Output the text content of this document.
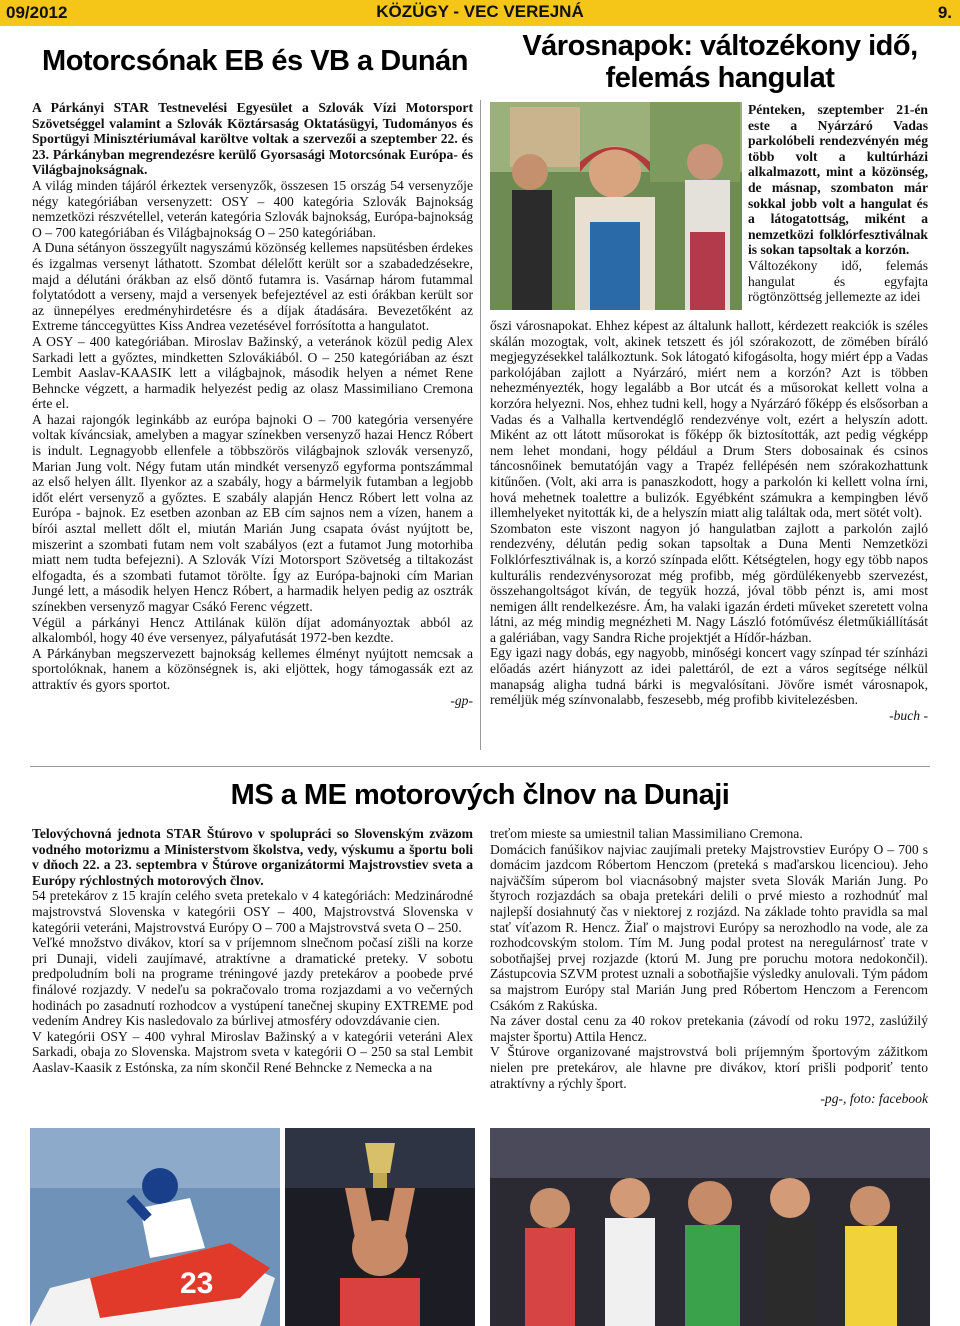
09/2012	KÖZÜGY - VEC VEREJNÁ	9.
Motorcsónak EB és VB a Dunán	Városnapok: változékony idő,
felemás hangulat

A Párkányi STAR Testnevelési Egyesület a Szlovák Vízi Motorsport Szövetséggel valamint a Szlovák Köztársaság Oktatásügyi, Tudományos és Sportügyi Minisztériumával karöltve voltak a szervezői a szeptember 22. és 23. Párkányban megrendezésre kerülő Gyorsasági Motorcsónak Európa- és Világbajnokságnak.

A világ minden tájáról érkeztek versenyzők, összesen 15 ország 54 versenyzője négy kategóriában versenyzett: OSY – 400 kategória Szlovák Bajnokság nemzetközi részvétellel, veterán kategória Szlovák bajnokság, Európa-bajnokság O – 700 kategóriában és Világbajnokság O – 250 kategóriában.

A Duna sétányon összegyűlt nagyszámú közönség kellemes napsütésben érdekes és izgalmas versenyt láthatott. Szombat délelőtt került sor a szabadedzésekre, majd a délutáni órákban az első döntő futamra is. Vasárnap három futammal folytatódott a verseny, majd a versenyek befejeztével az esti órákban került sor az ünnepélyes eredményhirdetésre és a díjak átadására. Bevezetőként az Extreme tánccegyüttes Kiss Andrea vezetésével forrósította a hangulatot.

A OSY – 400 kategóriában. Miroslav Bažinský, a veteránok közül pedig Alex Sarkadi lett a győztes, mindketten Szlovákiából. O – 250 kategóriában az észt Lembit Aaslav-KAASIK lett a világbajnok, második helyen a német Rene Behncke végzett, a harmadik helyezést pedig az olasz Massimiliano Cremona érte el.

A hazai rajongók leginkább az európa bajnoki O – 700 kategória versenyére voltak kíváncsiak, amelyben a magyar színekben versenyző hazai Hencz Róbert is indult. Legnagyobb ellenfele a többszörös világbajnok szlovák versenyző, Marian Jung volt. Négy futam után mindkét versenyző egyforma pontszámmal az első helyen állt. Ilyenkor az a szabály, hogy a bármelyik futamban a legjobb időt elért versenyző a győztes. E szabály alapján Hencz Róbert lett volna az Európa - bajnok. Ez esetben azonban az EB cím sajnos nem a vízen, hanem a bírói asztal mellett dőlt el, miután Marián Jung csapata óvást nyújtott be, miszerint a szombati futam nem volt szabályos (ezt a futamot Jung motorhiba miatt nem tudta befejezni). A Szlovák Vízi Motorsport Szövetség a tiltakozást elfogadta, és a szombati futamot törölte. Így az Európa-bajnoki cím Marian Jungé lett, a második helyen Hencz Róbert, a harmadik helyen pedig az osztrák színekben versenyző magyar Csákó Ferenc végzett.

Végül a párkányi Hencz Attilának külön díjat adományoztak abból az alkalomból, hogy 40 éve versenyez, pályafutását 1972-ben kezdte.

A Párkányban megszervezett bajnokság kellemes élményt nyújtott nemcsak a sportolóknak, hanem a közönségnek is, aki eljöttek, hogy támogassák ezt az attraktív és gyors sportot.

-gp-

Pénteken, szeptember 21-én este a Nyárzáró Vadas parkolóbeli rendezvényén még több volt a kultúrházi alkalmazott, mint a közönség, de másnap, szombaton már sokkal jobb volt a hangulat és a látogatottság, miként a nemzetközi folklórfesztiválnak is sokan tapsoltak a korzón.

Változékony idő, felemás hangulat és egyfajta rögtönzöttség jellemezte az idei

őszi városnapokat. Ehhez képest az általunk hallott, kérdezett reakciók is széles skálán mozogtak, volt, akinek tetszett és jól szórakozott, de zömében bíráló megjegyzésekkel találkoztunk. Sok látogató kifogásolta, hogy miért épp a Vadas parkolójában zajlott a Nyárzáró, miért nem a korzón? Azt is többen nehezményezték, hogy legalább a Bor utcát és a műsorokat kellett volna a korzóra helyezni. Nos, ehhez tudni kell, hogy a Nyárzáró főképp és elsősorban a Vadas és a Valhalla kertvendéglő rendezvénye volt, ezért a helyszín adott. Miként az ott látott műsorokat is főképp ők biztosították, azt pedig végképp nem lehet mondani, hogy például a Drum Sters dobosainak és csinos táncosnőinek bemutatóján vagy a Trapéz fellépésén nem szórakozhattunk kitűnően. (Volt, aki arra is panaszkodott, hogy a parkolón ki kellett volna írni, hová mehetnek toalettre a bulizók. Egyébként számukra a kempingben lévő illemhelyeket nyitották ki, de a helyszín miatt alig találtak oda, mert sötét volt).

Szombaton este viszont nagyon jó hangulatban zajlott a parkolón zajló rendezvény, délután pedig sokan tapsoltak a Duna Menti Nemzetközi Folklórfesztiválnak is, a korzó színpada előtt. Kétségtelen, hogy egy több napos kulturális rendezvénysorozat még profibb, még gördülékenyebb szervezést, összehangoltságot kíván, de tegyük hozzá, jóval több pénzt is, ami most nemigen állt rendelkezésre. Ám, ha valaki igazán érdeti műveket szeretett volna látni, az még mindig megnézheti M. Nagy László fotóművész életműkiállítását a galériában, vagy Sandra Riche projektjét a Hídőr-házban.

Egy igazi nagy dobás, egy nagyobb, minőségi koncert vagy színpad tér színházi előadás azért hiányzott az idei palettáról, de ezt a város segítsége nélkül manapság aligha tudná bárki is megvalósítani. Jövőre ismét városnapok, reméljük még színvonalabb, feszesebb, még profibb kivitelezésben.

-buch -

MS a ME motorových člnov na Dunaji

Telovýchovná jednota STAR Štúrovo v spolupráci so Slovenským zväzom vodného motorizmu a Ministerstvom školstva, vedy, výskumu a športu boli v dňoch 22. a 23. septembra v Štúrove organizátormi Majstrovstiev sveta a Európy rýchlostných motorových člnov.

54 pretekárov z 15 krajín celého sveta pretekalo v 4 kategóriách: Medzinárodné majstrovstvá Slovenska v kategórii OSY – 400, Majstrovstvá Slovenska v kategórii veteráni, Majstrovstvá Európy O – 700 a Majstrovstvá sveta O – 250.

Veľké množstvo divákov, ktorí sa v príjemnom slnečnom počasí zišli na korze pri Dunaji, videli zaujímavé, atraktívne a dramatické preteky. V sobotu predpoludním boli na programe tréningové jazdy pretekárov a poobede prvé finálové rozjazdy. V nedeľu sa pokračovalo troma rozjazdami a vo večerných hodinách po zasadnutí rozhodcov a vystúpení tanečnej skupiny EXTREME pod vedením Andrey Kis nasledovalo za búrlivej atmosféry odovzdávanie cien.

V kategórii OSY – 400 vyhral Miroslav Bažinský a v kategórii veteráni Alex Sarkadi, obaja zo Slovenska. Majstrom sveta v kategórii O – 250 sa stal Lembit Aaslav-Kaasik z Estónska, za ním skončil René Behncke z Nemecka a na

treťom mieste sa umiestnil talian Massimiliano Cremona.

Domácich fanúšikov najviac zaujímali preteky Majstrovstiev Európy O – 700 s domácim jazdcom Róbertom Henczom (preteká s maďarskou licenciou). Jeho najväčším súperom bol viacnásobný majster sveta Slovák Marián Jung. Po štyroch rozjazdách sa obaja pretekári delili o prvé miesto a rozhodnúť mal najlepší dosiahnutý čas v niektorej z rozjázd. Na základe tohto pravidla sa mal stať víťazom R. Hencz. Žiaľ o majstrovi Európy sa nerozhodlo na vode, ale za rozhodcovským stolom. Tím M. Jung podal protest na neregulárnosť trate v sobotňajšej prvej rozjazde (ktorú M. Jung pre poruchu motora nedokončil). Zástupcovia SZVM protest uznali a sobotňajšie výsledky anulovali. Tým pádom sa majstrom Európy stal Marián Jung pred Róbertom Henczom a Ferencom Csákóm z Rakúska.

Na záver dostal cenu za 40 rokov pretekania (závodí od roku 1972, zaslúžilý majster športu) Attila Hencz.

V Štúrove organizované majstrovstvá boli príjemným športovým zážitkom nielen pre pretekárov, ale hlavne pre divákov, ktorí prišli podporiť tento atraktívny a rýchly šport.

-pg-, foto: facebook

23
